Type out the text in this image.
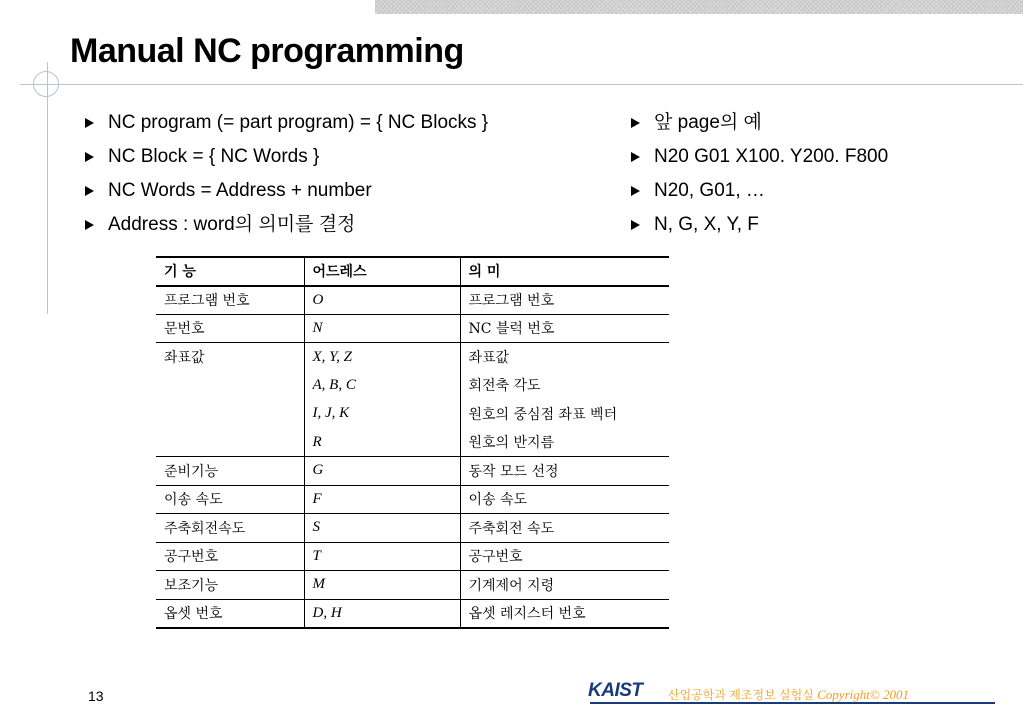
Manual NC programming
NC program (= part program) = { NC Blocks }
NC Block = { NC Words }
NC Words = Address + number
Address : word의 의미를 결정
앞 page의 예
N20 G01 X100. Y200. F800
N20, G01, …
N, G, X, Y, F
기 능	어드레스	의 미
프로그램 번호	O	프로그램 번호
문번호	N	NC 블럭 번호
좌표값	X, Y, Z	좌표값
	A, B, C	회전축 각도
	I, J, K	원호의 중심점 좌표 벡터
	R	원호의 반지름
준비기능	G	동작 모드 선정
이송 속도	F	이송 속도
주축회전속도	S	주축회전 속도
공구번호	T	공구번호
보조기능	M	기계제어 지령
옵셋 번호	D, H	옵셋 레지스터 번호
13	KAIST 산업공학과 제조정보 실험실 Copyright© 2001
